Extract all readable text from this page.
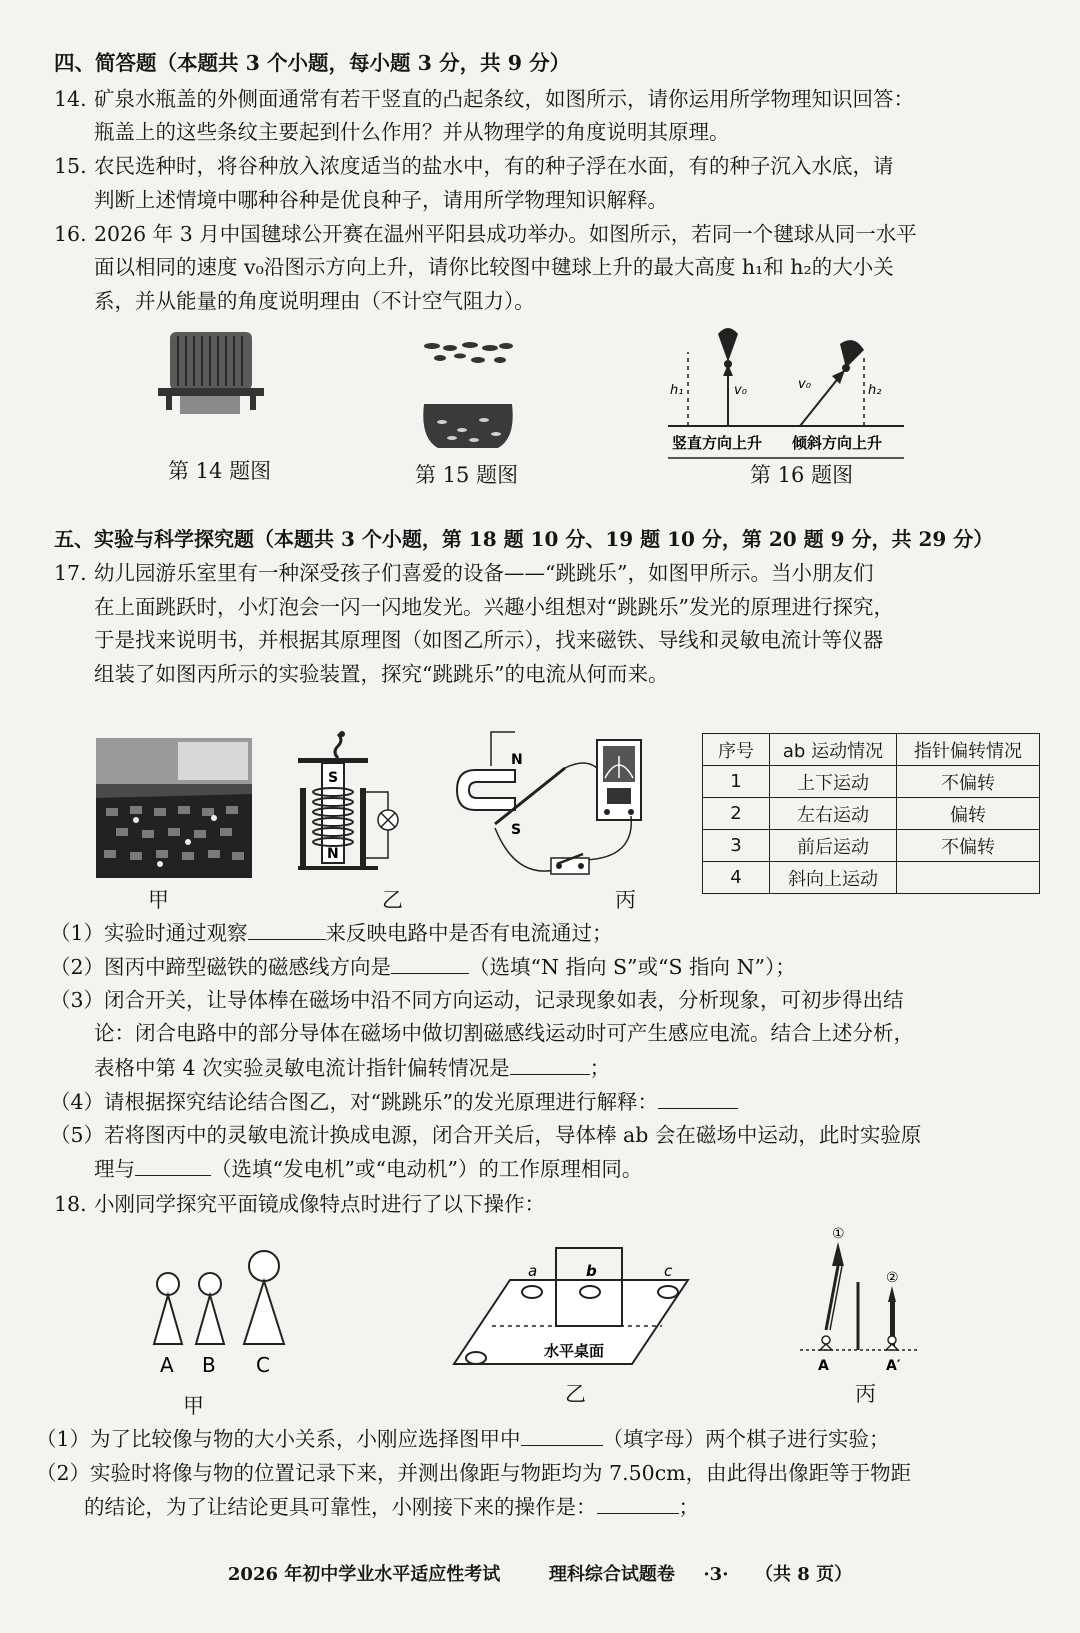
四、简答题（本题共 3 个小题，每小题 3 分，共 9 分）
14. 矿泉水瓶盖的外侧面通常有若干竖直的凸起条纹，如图所示，请你运用所学物理知识回答：
瓶盖上的这些条纹主要起到什么作用？并从物理学的角度说明其原理。
15. 农民选种时，将谷种放入浓度适当的盐水中，有的种子浮在水面，有的种子沉入水底，请
判断上述情境中哪种谷种是优良种子，请用所学物理知识解释。
16. 2026 年 3 月中国毽球公开赛在温州平阳县成功举办。如图所示，若同一个毽球从同一水平
面以相同的速度 v₀沿图示方向上升，请你比较图中毽球上升的最大高度 h₁和 h₂的大小关
系，并从能量的角度说明理由（不计空气阻力）。
第 14 题图	第 15 题图
h₁	v₀	v₀	h₂
竖直方向上升 倾斜方向上升
第 16 题图
五、实验与科学探究题（本题共 3 个小题，第 18 题 10 分、19 题 10 分，第 20 题 9 分，共 29 分）
17. 幼儿园游乐室里有一种深受孩子们喜爱的设备——“跳跳乐”，如图甲所示。当小朋友们
在上面跳跃时，小灯泡会一闪一闪地发光。兴趣小组想对“跳跳乐”发光的原理进行探究，
于是找来说明书，并根据其原理图（如图乙所示），找来磁铁、导线和灵敏电流计等仪器
组装了如图丙所示的实验装置，探究“跳跳乐”的电流从何而来。
甲
S
N
乙
N
S
丙
序号	ab 运动情况	指针偏转情况
1	上下运动	不偏转
2	左右运动	偏转
3	前后运动	不偏转
4	斜向上运动	
（1）实验时通过观察	来反映电路中是否有电流通过；
（2）图丙中蹄型磁铁的磁感线方向是	（选填“N 指向 S”或“S 指向 N”）；
（3）闭合开关，让导体棒在磁场中沿不同方向运动，记录现象如表，分析现象，可初步得出结
论：闭合电路中的部分导体在磁场中做切割磁感线运动时可产生感应电流。结合上述分析，
表格中第 4 次实验灵敏电流计指针偏转情况是	；
（4）请根据探究结论结合图乙，对“跳跳乐”的发光原理进行解释：
（5）若将图丙中的灵敏电流计换成电源，闭合开关后，导体棒 ab 会在磁场中运动，此时实验原
理与	（选填“发电机”或“电动机”）的工作原理相同。
18. 小刚同学探究平面镜成像特点时进行了以下操作：
A B C
甲
a	b	c
水平桌面
乙
①
②
A	A′
丙
（1）为了比较像与物的大小关系，小刚应选择图甲中	（填字母）两个棋子进行实验；
（2）实验时将像与物的位置记录下来，并测出像距与物距均为 7.50cm，由此得出像距等于物距
的结论，为了让结论更具可靠性，小刚接下来的操作是：	；
2026 年初中学业水平适应性考试	理科综合试题卷 ·3· （共 8 页）
